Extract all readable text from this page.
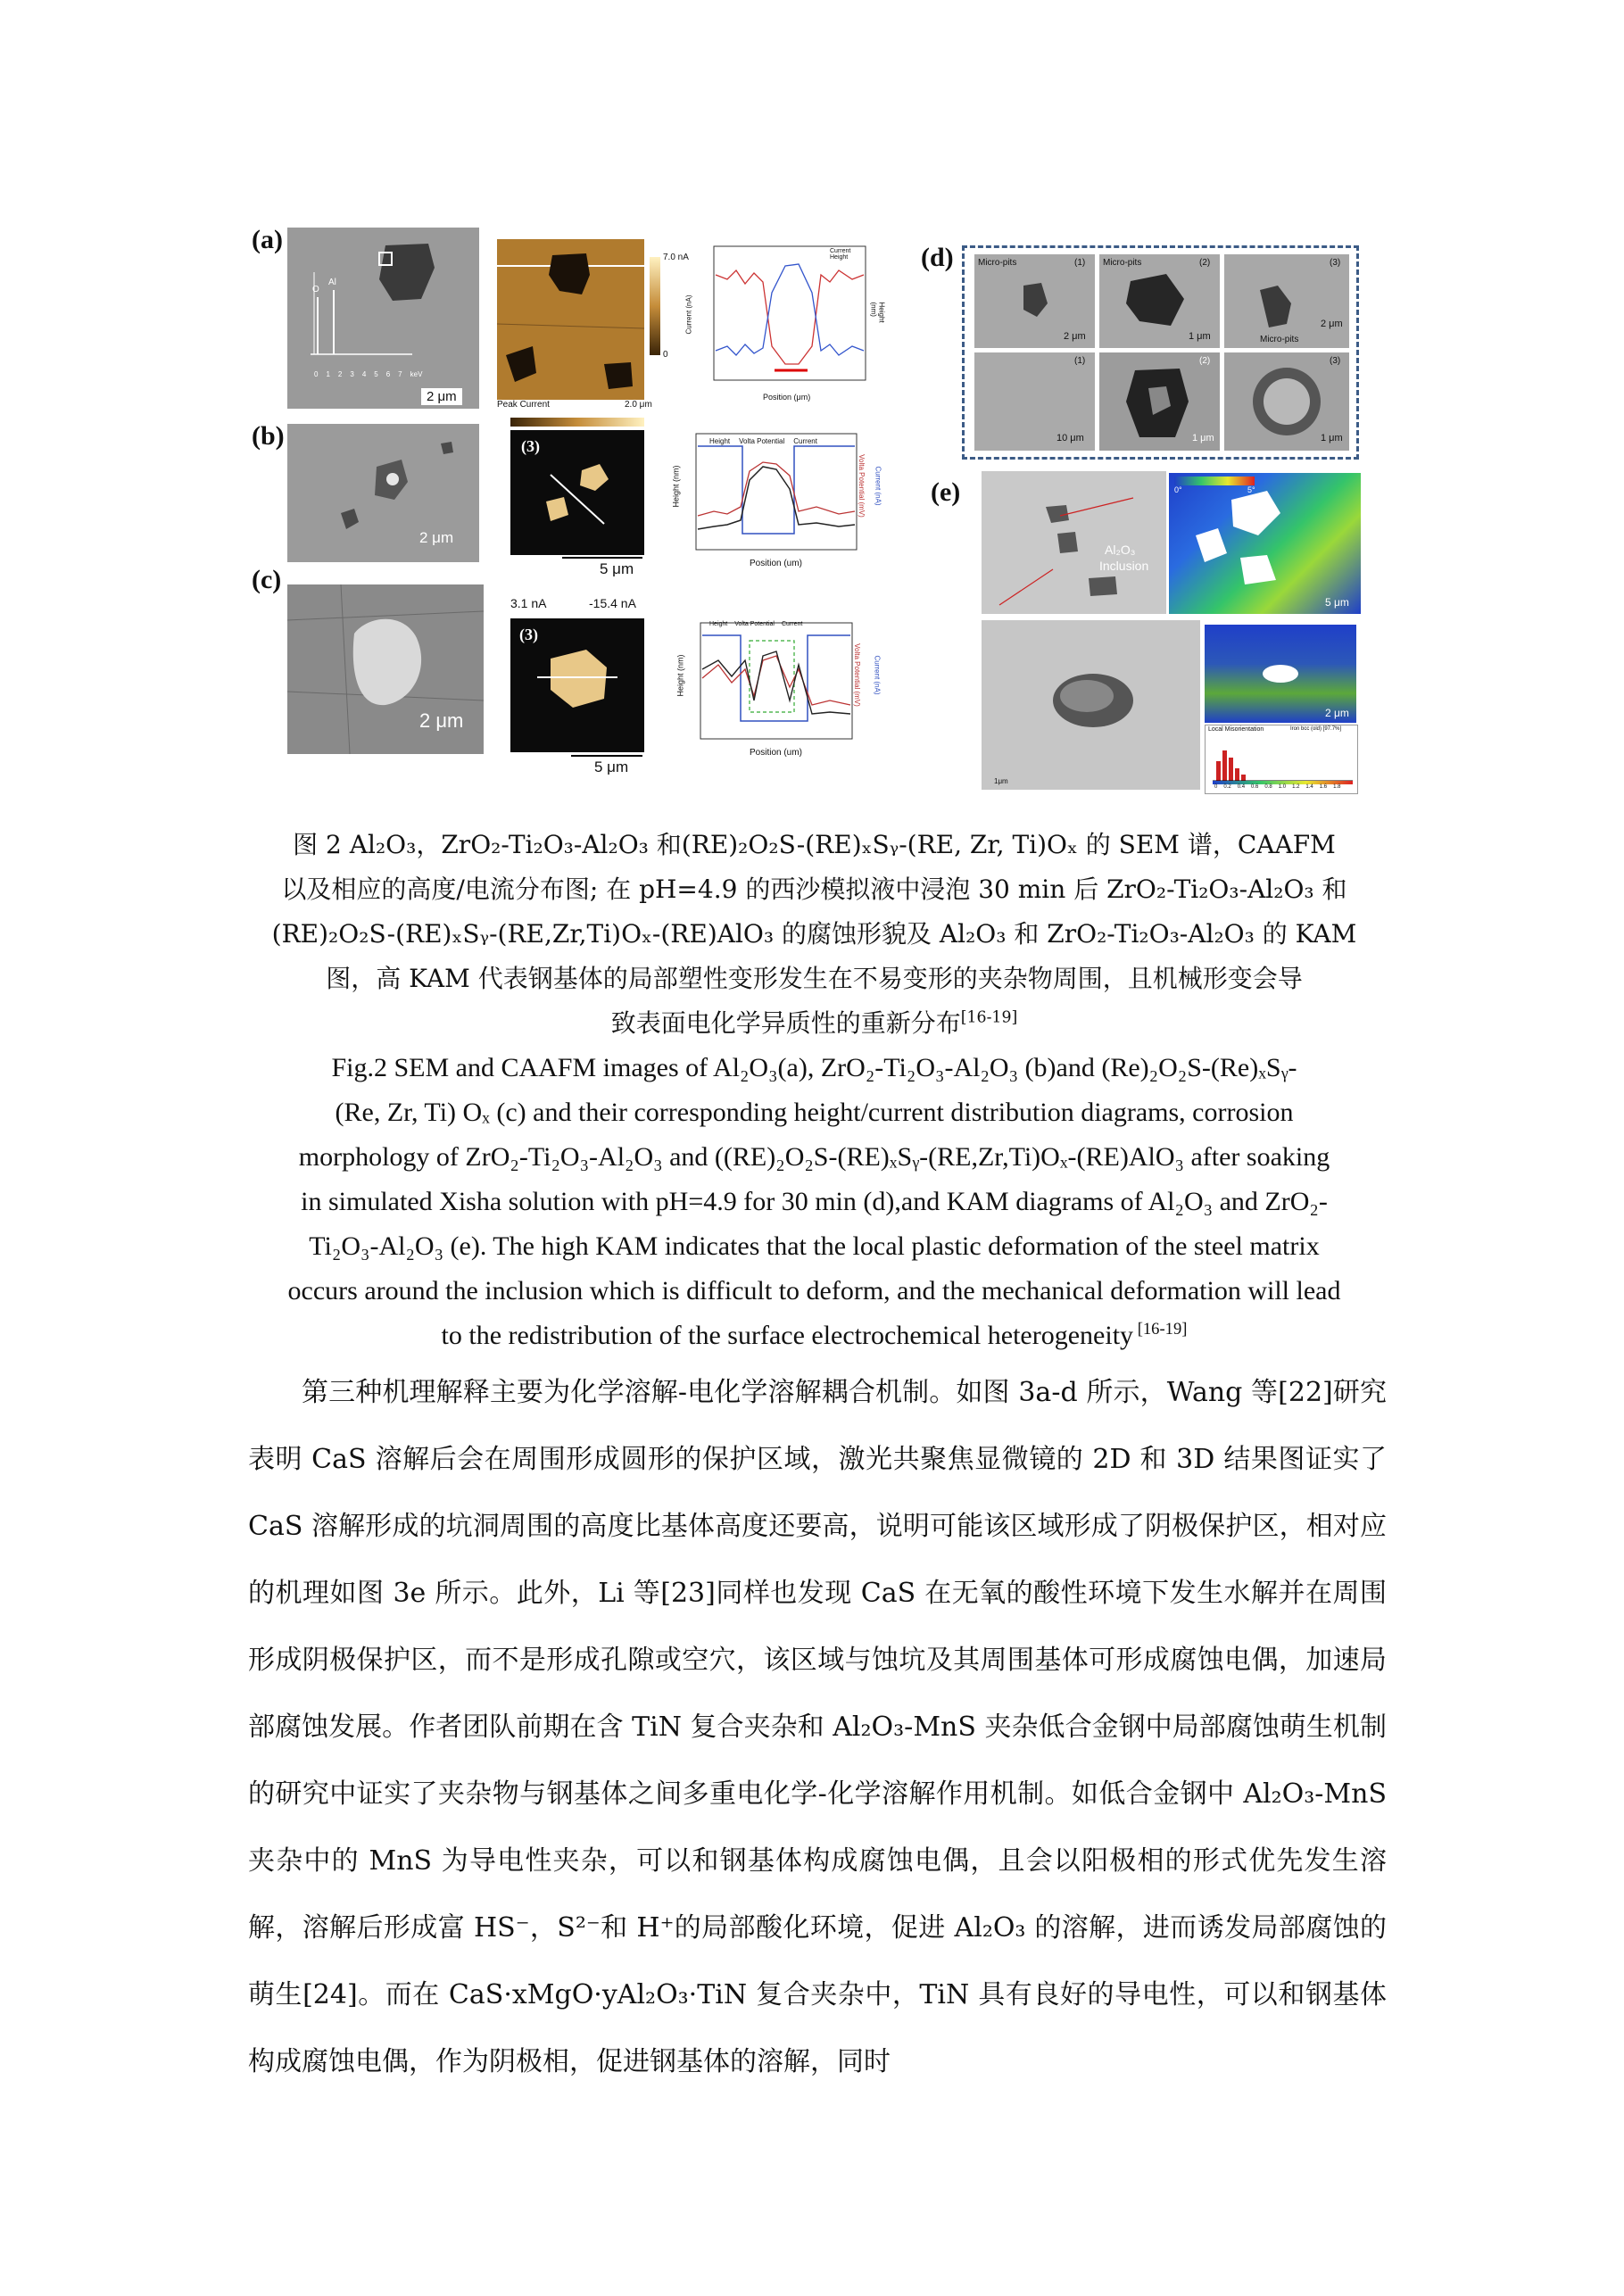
(a)
(b)
(c)
(d)
(e)
O
Al
0 1 2 3 4 5 6 7 keV
2 μm
7.0 nA
0
Peak Current	2.0 μm
Current
Height
Position (μm)
Current (nA)	Height (nm)
2 μm
(3)
5 μm
Height Volta Potential Current
Position (um)
Height (nm)	Volta Potential (mV) Current (nA)
2 μm
3.1 nA	-15.4 nA
(3)
5 μm
Height Volta Potential Current
Position (um)
Height (nm)	Volta Potential (mV) Current (nA)
Micro-pits	(1)
2 μm
Micro-pits	(2)
1 μm	Micro-pits
(3)
2 μm
(1)
10 μm
(2)
1 μm
(3)
1 μm
Al₂O₃
Inclusion
0°	5°
5 μm
1μm
2 μm
Local Misorientation	Iron bcc (old) [97.7%]
0 0.2 0.4 0.6 0.8 1.0 1.2 1.4 1.6 1.8
图 2 Al₂O₃，ZrO₂-Ti₂O₃-Al₂O₃ 和(RE)₂O₂S-(RE)ₓSᵧ-(RE, Zr, Ti)Oₓ 的 SEM 谱，CAAFM
以及相应的高度/电流分布图; 在 pH=4.9 的西沙模拟液中浸泡 30 min 后 ZrO₂-Ti₂O₃-Al₂O₃ 和
(RE)₂O₂S-(RE)ₓSᵧ-(RE,Zr,Ti)Oₓ-(RE)AlO₃ 的腐蚀形貌及 Al₂O₃ 和 ZrO₂-Ti₂O₃-Al₂O₃ 的 KAM
图，高 KAM 代表钢基体的局部塑性变形发生在不易变形的夹杂物周围，且机械形变会导
致表面电化学异质性的重新分布[16-19]
Fig.2 SEM and CAAFM images of Al₂O₃(a), ZrO₂-Ti₂O₃-Al₂O₃ (b)and (Re)₂O₂S-(Re)ₓSᵧ-
(Re, Zr, Ti) Oₓ (c) and their corresponding height/current distribution diagrams, corrosion
morphology of ZrO₂-Ti₂O₃-Al₂O₃ and ((RE)₂O₂S-(RE)ₓSᵧ-(RE,Zr,Ti)Oₓ-(RE)AlO₃ after soaking
in simulated Xisha solution with pH=4.9 for 30 min (d),and KAM diagrams of Al₂O₃ and ZrO₂-
Ti₂O₃-Al₂O₃ (e). The high KAM indicates that the local plastic deformation of the steel matrix
occurs around the inclusion which is difficult to deform, and the mechanical deformation will lead
to the redistribution of the surface electrochemical heterogeneity [16-19]

第三种机理解释主要为化学溶解-电化学溶解耦合机制。如图 3a-d 所示，Wang 等[22]研究表明 CaS 溶解后会在周围形成圆形的保护区域，激光共聚焦显微镜的 2D 和 3D 结果图证实了 CaS 溶解形成的坑洞周围的高度比基体高度还要高，说明可能该区域形成了阴极保护区，相对应的机理如图 3e 所示。此外，Li 等[23]同样也发现 CaS 在无氧的酸性环境下发生水解并在周围形成阴极保护区，而不是形成孔隙或空穴，该区域与蚀坑及其周围基体可形成腐蚀电偶，加速局部腐蚀发展。作者团队前期在含 TiN 复合夹杂和 Al₂O₃-MnS 夹杂低合金钢中局部腐蚀萌生机制的研究中证实了夹杂物与钢基体之间多重电化学-化学溶解作用机制。如低合金钢中 Al₂O₃-MnS 夹杂中的 MnS 为导电性夹杂，可以和钢基体构成腐蚀电偶，且会以阳极相的形式优先发生溶解，溶解后形成富 HS⁻，S²⁻和 H⁺的局部酸化环境，促进 Al₂O₃ 的溶解，进而诱发局部腐蚀的萌生[24]。而在 CaS·xMgO·yAl₂O₃·TiN 复合夹杂中，TiN 具有良好的导电性，可以和钢基体构成腐蚀电偶，作为阴极相，促进钢基体的溶解，同时
